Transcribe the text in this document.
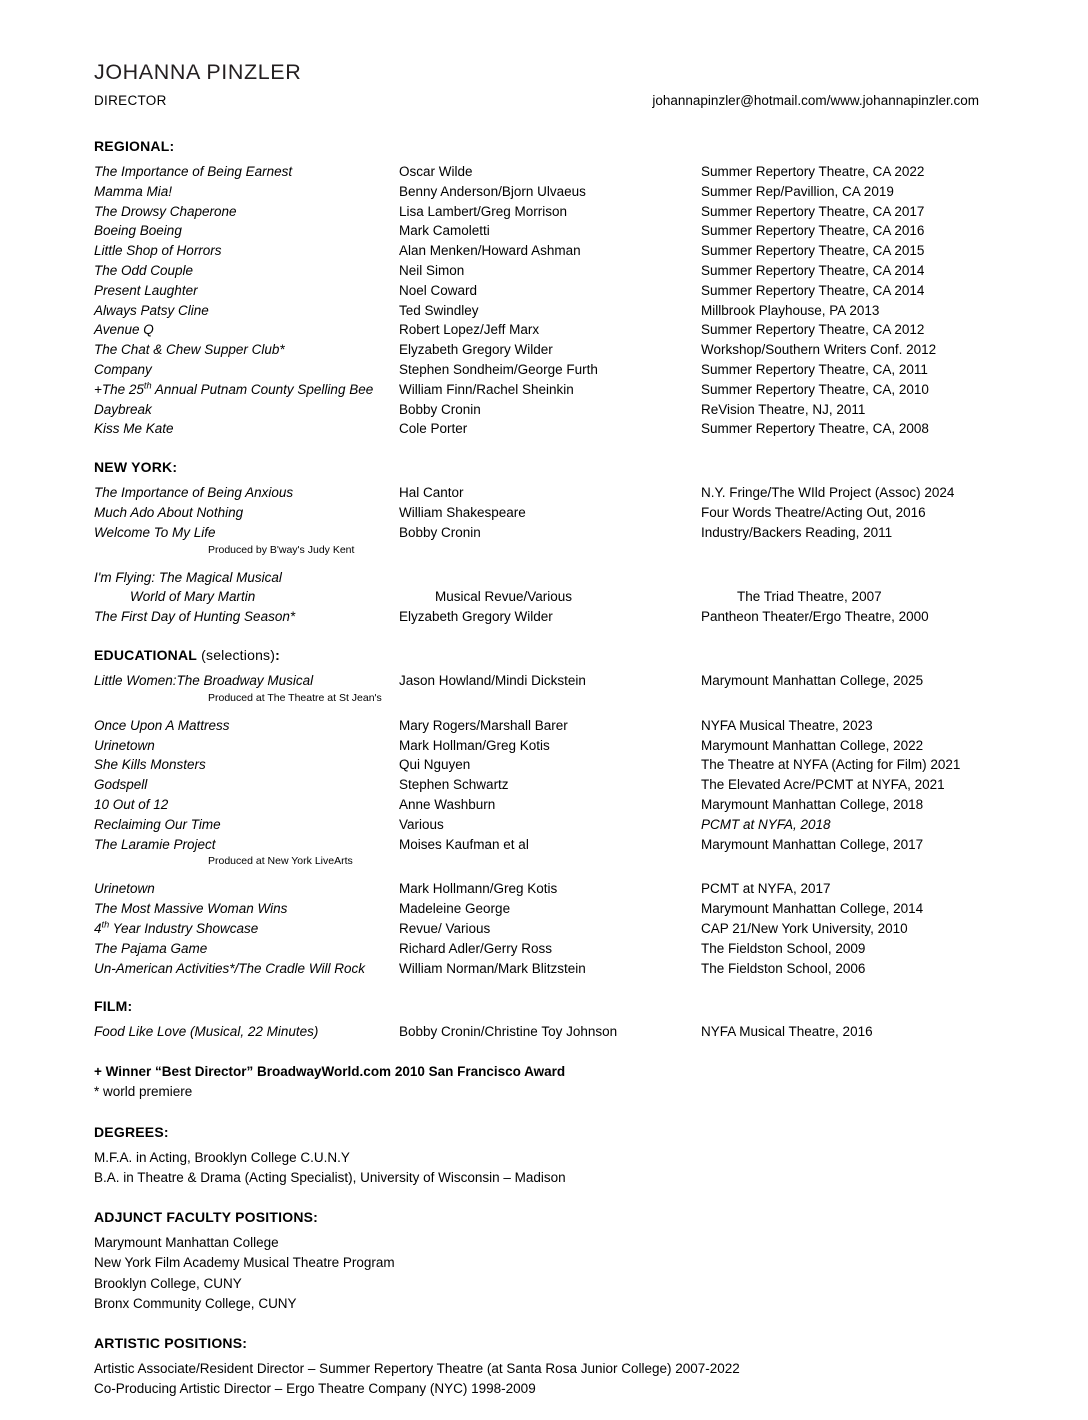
JOHANNA PINZLER
DIRECTOR	johannapinzler@hotmail.com/www.johannapinzler.com
REGIONAL:
The Importance of Being Earnest	Oscar Wilde	Summer Repertory Theatre, CA 2022
Mamma Mia!	Benny Anderson/Bjorn Ulvaeus	Summer Rep/Pavillion, CA 2019
The Drowsy Chaperone	Lisa Lambert/Greg Morrison	Summer Repertory Theatre, CA 2017
Boeing Boeing	Mark Camoletti	Summer Repertory Theatre, CA 2016
Little Shop of Horrors	Alan Menken/Howard Ashman	Summer Repertory Theatre, CA 2015
The Odd Couple	Neil Simon	Summer Repertory Theatre, CA 2014
Present Laughter	Noel Coward	Summer Repertory Theatre, CA 2014
Always Patsy Cline	Ted Swindley	Millbrook Playhouse, PA 2013
Avenue Q	Robert Lopez/Jeff Marx	Summer Repertory Theatre, CA 2012
The Chat & Chew Supper Club*	Elyzabeth Gregory Wilder	Workshop/Southern Writers Conf. 2012
Company	Stephen Sondheim/George Furth	Summer Repertory Theatre, CA, 2011
+The 25th Annual Putnam County Spelling Bee	William Finn/Rachel Sheinkin	Summer Repertory Theatre, CA, 2010
Daybreak	Bobby Cronin	ReVision Theatre, NJ, 2011
Kiss Me Kate	Cole Porter	Summer Repertory Theatre, CA, 2008
NEW YORK:
The Importance of Being Anxious	Hal Cantor	N.Y. Fringe/The WIld Project (Assoc) 2024
Much Ado About Nothing	William Shakespeare	Four Words Theatre/Acting Out, 2016
Welcome To My Life	Bobby Cronin	Industry/Backers Reading, 2011
Produced by B'way's Judy Kent
I'm Flying: The Magical Musical
World of Mary Martin	Musical Revue/Various	The Triad Theatre, 2007
The First Day of Hunting Season*	Elyzabeth Gregory Wilder	Pantheon Theater/Ergo Theatre, 2000
EDUCATIONAL (selections):
Little Women:The Broadway Musical	Jason Howland/Mindi Dickstein	Marymount Manhattan College, 2025
Produced at The Theatre at St Jean's
Once Upon A Mattress	Mary Rogers/Marshall Barer	NYFA Musical Theatre, 2023
Urinetown	Mark Hollman/Greg Kotis	Marymount Manhattan College, 2022
She Kills Monsters	Qui Nguyen	The Theatre at NYFA (Acting for Film) 2021
Godspell	Stephen Schwartz	The Elevated Acre/PCMT at NYFA, 2021
10 Out of 12	Anne Washburn	Marymount Manhattan College, 2018
Reclaiming Our Time	Various	PCMT at NYFA, 2018
The Laramie Project	Moises Kaufman et al	Marymount Manhattan College, 2017
Produced at New York LiveArts
Urinetown	Mark Hollmann/Greg Kotis	PCMT at NYFA, 2017
The Most Massive Woman Wins	Madeleine George	Marymount Manhattan College, 2014
4th Year Industry Showcase	Revue/ Various	CAP 21/New York University, 2010
The Pajama Game	Richard Adler/Gerry Ross	The Fieldston School, 2009
Un-American Activities*/The Cradle Will Rock	William Norman/Mark Blitzstein	The Fieldston School, 2006
FILM:
Food Like Love (Musical, 22 Minutes)	Bobby Cronin/Christine Toy Johnson	NYFA Musical Theatre, 2016
+ Winner “Best Director” BroadwayWorld.com 2010 San Francisco Award
* world premiere
DEGREES:
M.F.A. in Acting, Brooklyn College C.U.N.Y
B.A. in Theatre & Drama (Acting Specialist), University of Wisconsin – Madison
ADJUNCT FACULTY POSITIONS:
Marymount Manhattan College
New York Film Academy Musical Theatre Program
Brooklyn College, CUNY
Bronx Community College, CUNY
ARTISTIC POSITIONS:
Artistic Associate/Resident Director – Summer Repertory Theatre (at Santa Rosa Junior College) 2007-2022
Co-Producing Artistic Director – Ergo Theatre Company (NYC) 1998-2009
